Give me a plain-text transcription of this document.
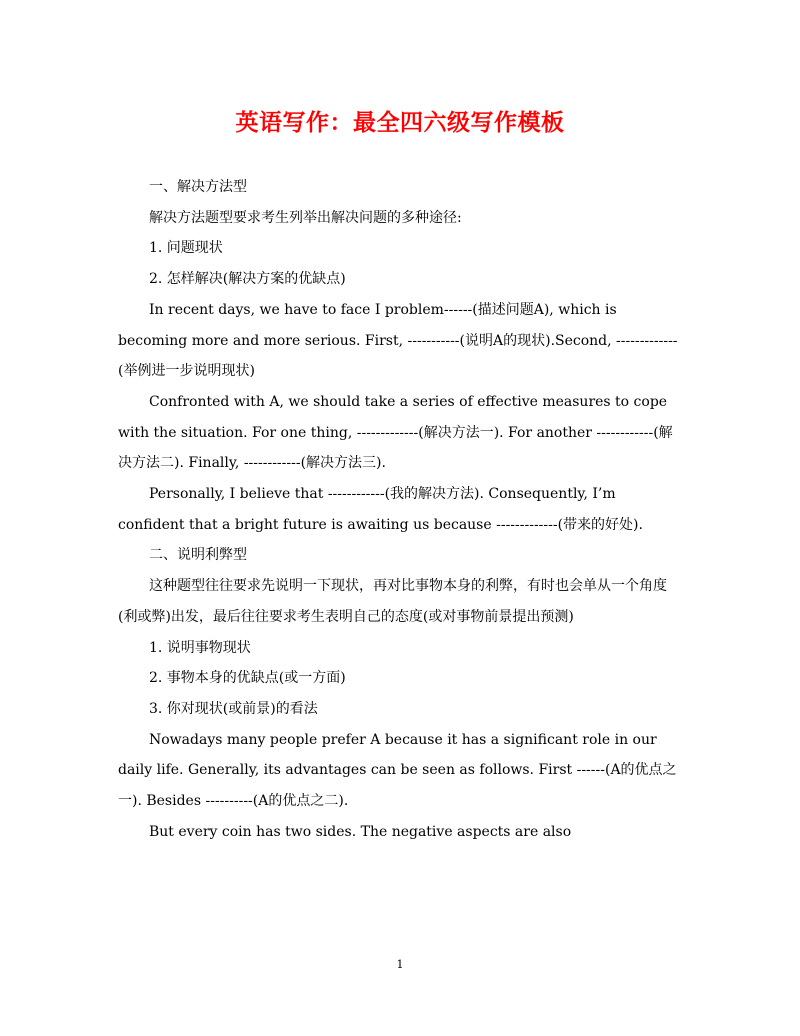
英语写作：最全四六级写作模板

一、解决方法型

解决方法题型要求考生列举出解决问题的多种途径:

1. 问题现状

2. 怎样解决(解决方案的优缺点)

In recent days, we have to face I problem------(描述问题A), which is becoming more and more serious. First, -----------(说明A的现状).Second, -------------(举例进一步说明现状)

Confronted with A, we should take a series of effective measures to cope with the situation. For one thing, -------------(解决方法一). For another ------------(解决方法二). Finally, ------------(解决方法三).

Personally, I believe that ------------(我的解决方法). Consequently, I’m confident that a bright future is awaiting us because -------------(带来的好处).

二、说明利弊型

这种题型往往要求先说明一下现状，再对比事物本身的利弊，有时也会单从一个角度(利或弊)出发，最后往往要求考生表明自己的态度(或对事物前景提出预测)

1. 说明事物现状

2. 事物本身的优缺点(或一方面)

3. 你对现状(或前景)的看法

Nowadays many people prefer A because it has a significant role in our daily life. Generally, its advantages can be seen as follows. First ------(A的优点之一). Besides ----------(A的优点之二).

But every coin has two sides. The negative aspects are also

1
